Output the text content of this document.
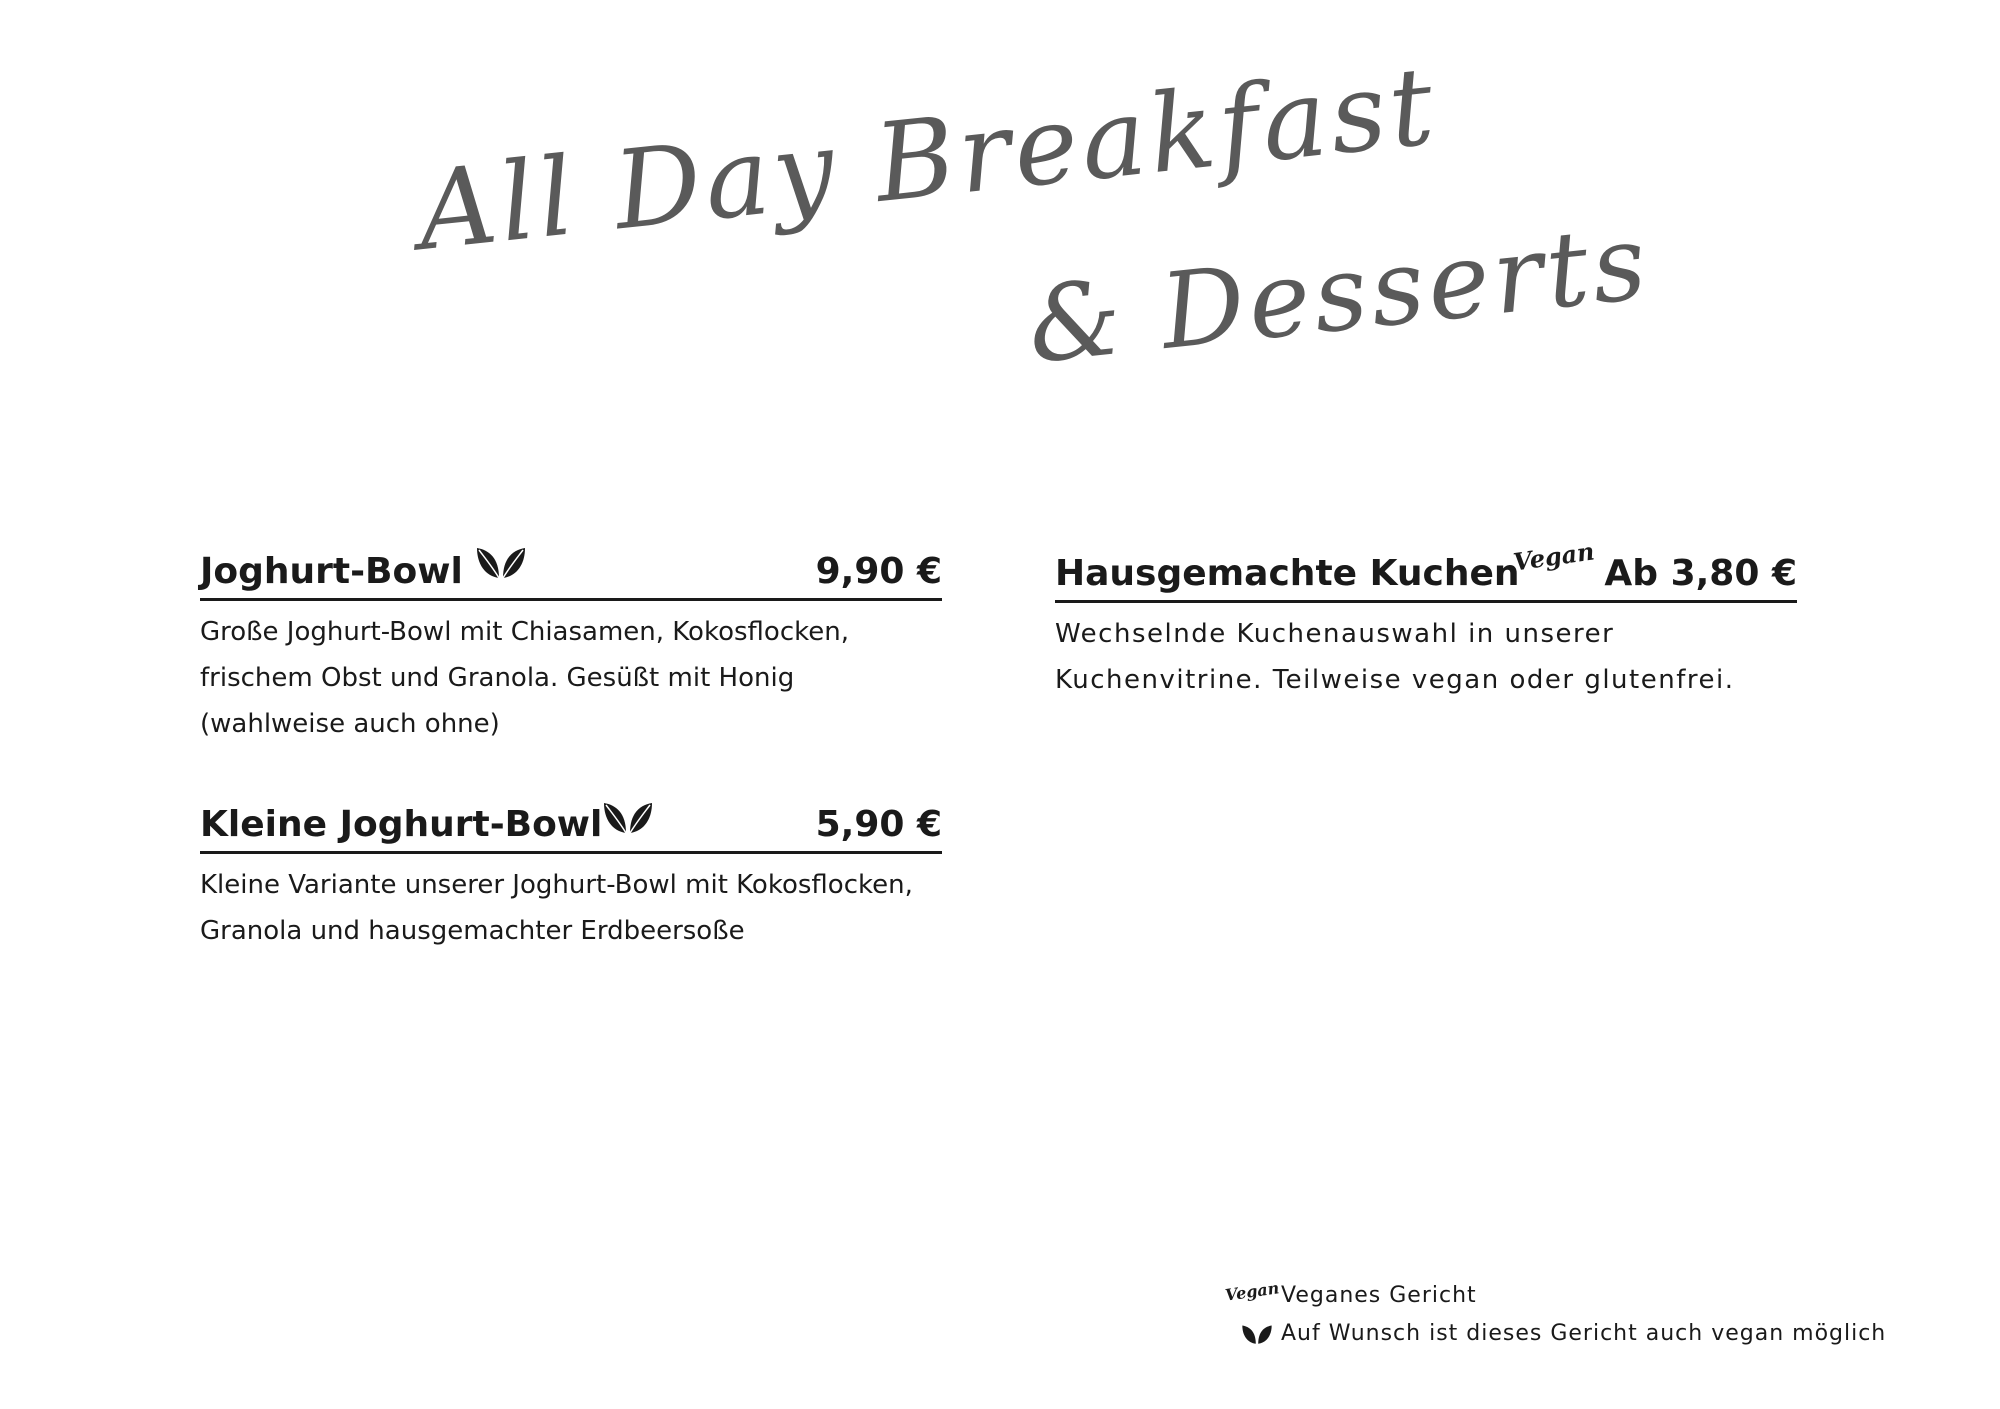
All Day Breakfast
& Desserts
Joghurt-Bowl	9,90 €
Große Joghurt-Bowl mit Chiasamen, Kokosflocken, frischem Obst und Granola. Gesüßt mit Honig (wahlweise auch ohne)
Kleine Joghurt-Bowl	5,90 €
Kleine Variante unserer Joghurt-Bowl mit Kokosflocken, Granola und hausgemachter Erdbeersoße
Hausgemachte Kuchen
Vegan Ab 3,80 €
Wechselnde Kuchenauswahl in unserer Kuchenvitrine. Teilweise vegan oder glutenfrei.
Vegan Veganes Gericht
Auf Wunsch ist dieses Gericht auch vegan möglich
